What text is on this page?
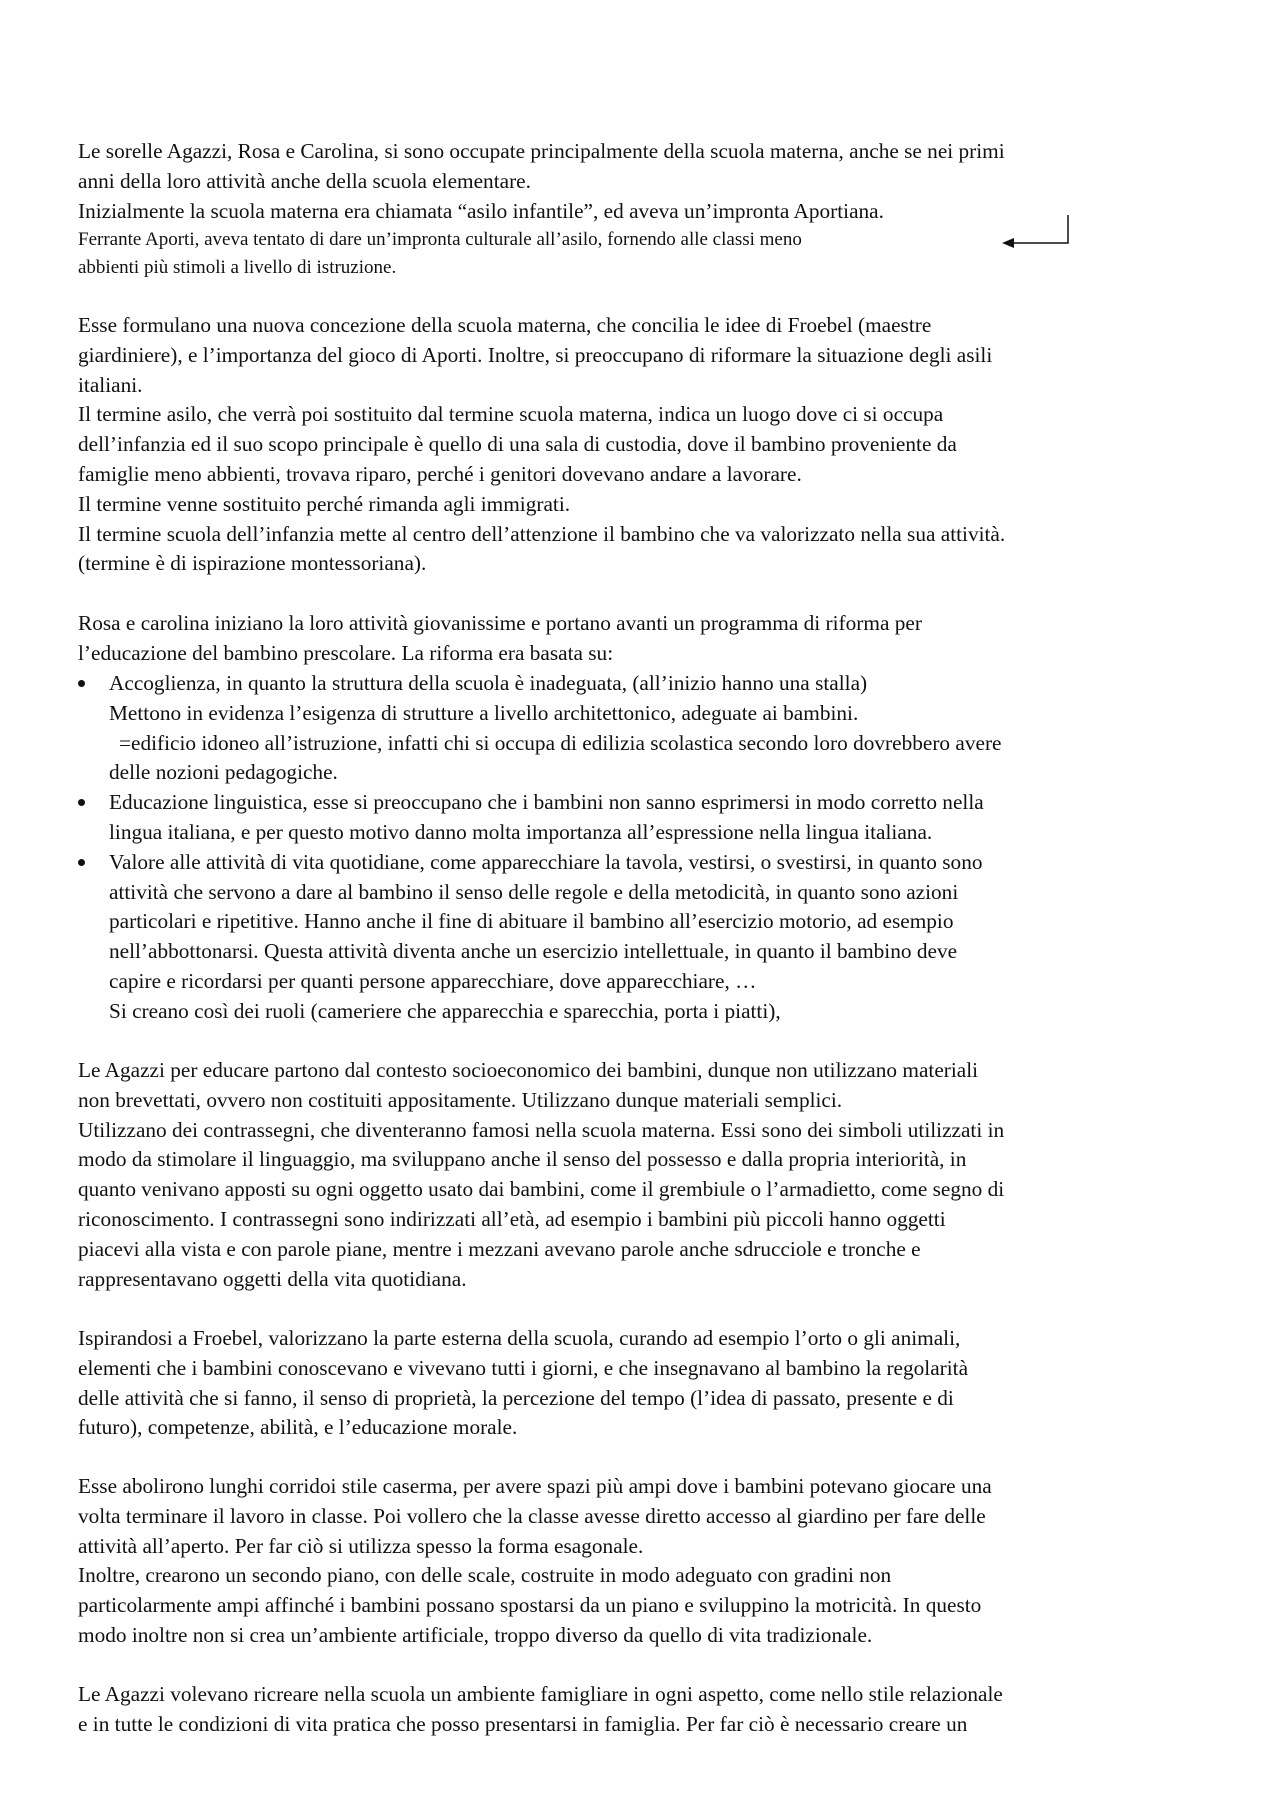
Le sorelle Agazzi, Rosa e Carolina, si sono occupate principalmente della scuola materna, anche se nei primi
anni della loro attività anche della scuola elementare.
Inizialmente la scuola materna era chiamata “asilo infantile”, ed aveva un’impronta Aportiana.
Ferrante Aporti, aveva tentato di dare un’impronta culturale all’asilo, fornendo alle classi meno
abbienti più stimoli a livello di istruzione.
Esse formulano una nuova concezione della scuola materna, che concilia le idee di Froebel (maestre
giardiniere), e l’importanza del gioco di Aporti. Inoltre, si preoccupano di riformare la situazione degli asili
italiani.
Il termine asilo, che verrà poi sostituito dal termine scuola materna, indica un luogo dove ci si occupa
dell’infanzia ed il suo scopo principale è quello di una sala di custodia, dove il bambino proveniente da
famiglie meno abbienti, trovava riparo, perché i genitori dovevano andare a lavorare.
Il termine venne sostituito perché rimanda agli immigrati.
Il termine scuola dell’infanzia mette al centro dell’attenzione il bambino che va valorizzato nella sua attività.
(termine è di ispirazione montessoriana).
Rosa e carolina iniziano la loro attività giovanissime e portano avanti un programma di riforma per
l’educazione del bambino prescolare. La riforma era basata su:
Accoglienza, in quanto la struttura della scuola è inadeguata, (all’inizio hanno una stalla)
Mettono in evidenza l’esigenza di strutture a livello architettonico, adeguate ai bambini.
=edificio idoneo all’istruzione, infatti chi si occupa di edilizia scolastica secondo loro dovrebbero avere
delle nozioni pedagogiche.
Educazione linguistica, esse si preoccupano che i bambini non sanno esprimersi in modo corretto nella
lingua italiana, e per questo motivo danno molta importanza all’espressione nella lingua italiana.
Valore alle attività di vita quotidiane, come apparecchiare la tavola, vestirsi, o svestirsi, in quanto sono
attività che servono a dare al bambino il senso delle regole e della metodicità, in quanto sono azioni
particolari e ripetitive. Hanno anche il fine di abituare il bambino all’esercizio motorio, ad esempio
nell’abbottonarsi. Questa attività diventa anche un esercizio intellettuale, in quanto il bambino deve
capire e ricordarsi per quanti persone apparecchiare, dove apparecchiare, …
Si creano così dei ruoli (cameriere che apparecchia e sparecchia, porta i piatti),
Le Agazzi per educare partono dal contesto socioeconomico dei bambini, dunque non utilizzano materiali
non brevettati, ovvero non costituiti appositamente. Utilizzano dunque materiali semplici.
Utilizzano dei contrassegni, che diventeranno famosi nella scuola materna. Essi sono dei simboli utilizzati in
modo da stimolare il linguaggio, ma sviluppano anche il senso del possesso e dalla propria interiorità, in
quanto venivano apposti su ogni oggetto usato dai bambini, come il grembiule o l’armadietto, come segno di
riconoscimento. I contrassegni sono indirizzati all’età, ad esempio i bambini più piccoli hanno oggetti
piacevi alla vista e con parole piane, mentre i mezzani avevano parole anche sdrucciole e tronche e
rappresentavano oggetti della vita quotidiana.
Ispirandosi a Froebel, valorizzano la parte esterna della scuola, curando ad esempio l’orto o gli animali,
elementi che i bambini conoscevano e vivevano tutti i giorni, e che insegnavano al bambino la regolarità
delle attività che si fanno, il senso di proprietà, la percezione del tempo (l’idea di passato, presente e di
futuro), competenze, abilità, e l’educazione morale.
Esse abolirono lunghi corridoi stile caserma, per avere spazi più ampi dove i bambini potevano giocare una
volta terminare il lavoro in classe. Poi vollero che la classe avesse diretto accesso al giardino per fare delle
attività all’aperto. Per far ciò si utilizza spesso la forma esagonale.
Inoltre, crearono un secondo piano, con delle scale, costruite in modo adeguato con gradini non
particolarmente ampi affinché i bambini possano spostarsi da un piano e sviluppino la motricità. In questo
modo inoltre non si crea un’ambiente artificiale, troppo diverso da quello di vita tradizionale.
Le Agazzi volevano ricreare nella scuola un ambiente famigliare in ogni aspetto, come nello stile relazionale
e in tutte le condizioni di vita pratica che posso presentarsi in famiglia. Per far ciò è necessario creare un
